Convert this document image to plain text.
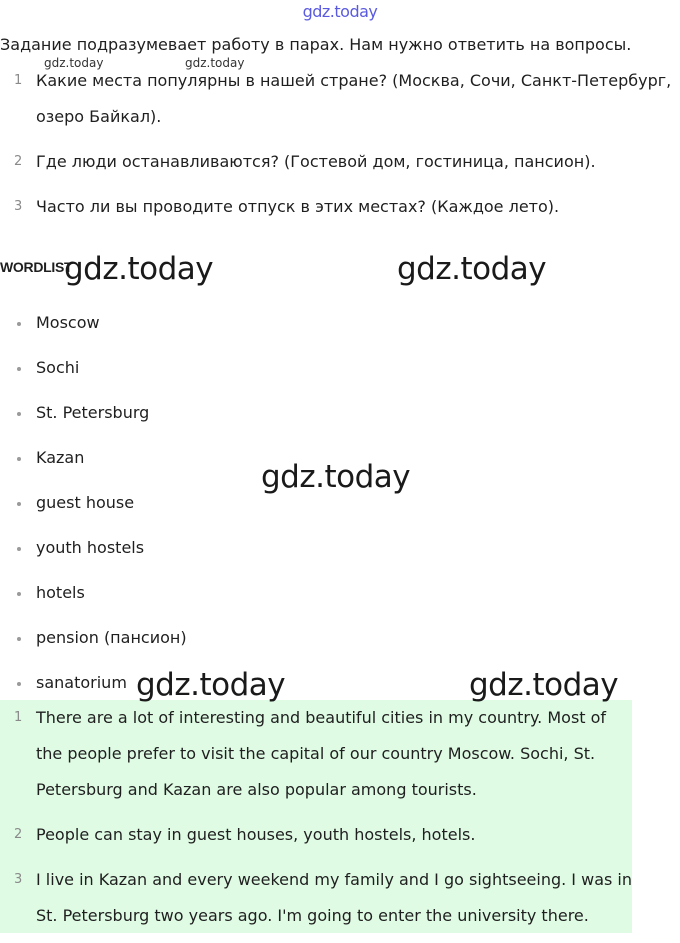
gdz.today
Задание подразумевает работу в парах. Нам нужно ответить на вопросы.
gdz.today	gdz.today
1 Какие места популярны в нашей стране? (Москва, Сочи, Санкт-Петербург, озеро Байкал).
2 Где люди останавливаются? (Гостевой дом, гостиница, пансион).
3 Часто ли вы проводите отпуск в этих местах? (Каждое лето).
WORDLIST
Moscow
Sochi
St. Petersburg
Kazan
guest house
youth hostels
hotels
pension (пансион)
sanatorium
1 There are a lot of interesting and beautiful cities in my country. Most of the people prefer to visit the capital of our country Moscow. Sochi, St. Petersburg and Kazan are also popular among tourists.
2 People can stay in guest houses, youth hostels, hotels.
3 I live in Kazan and every weekend my family and I go sightseeing. I was in St. Petersburg two years ago. I'm going to enter the university there.
gdz.today	gdz.today
gdz.today
gdz.today	gdz.today
